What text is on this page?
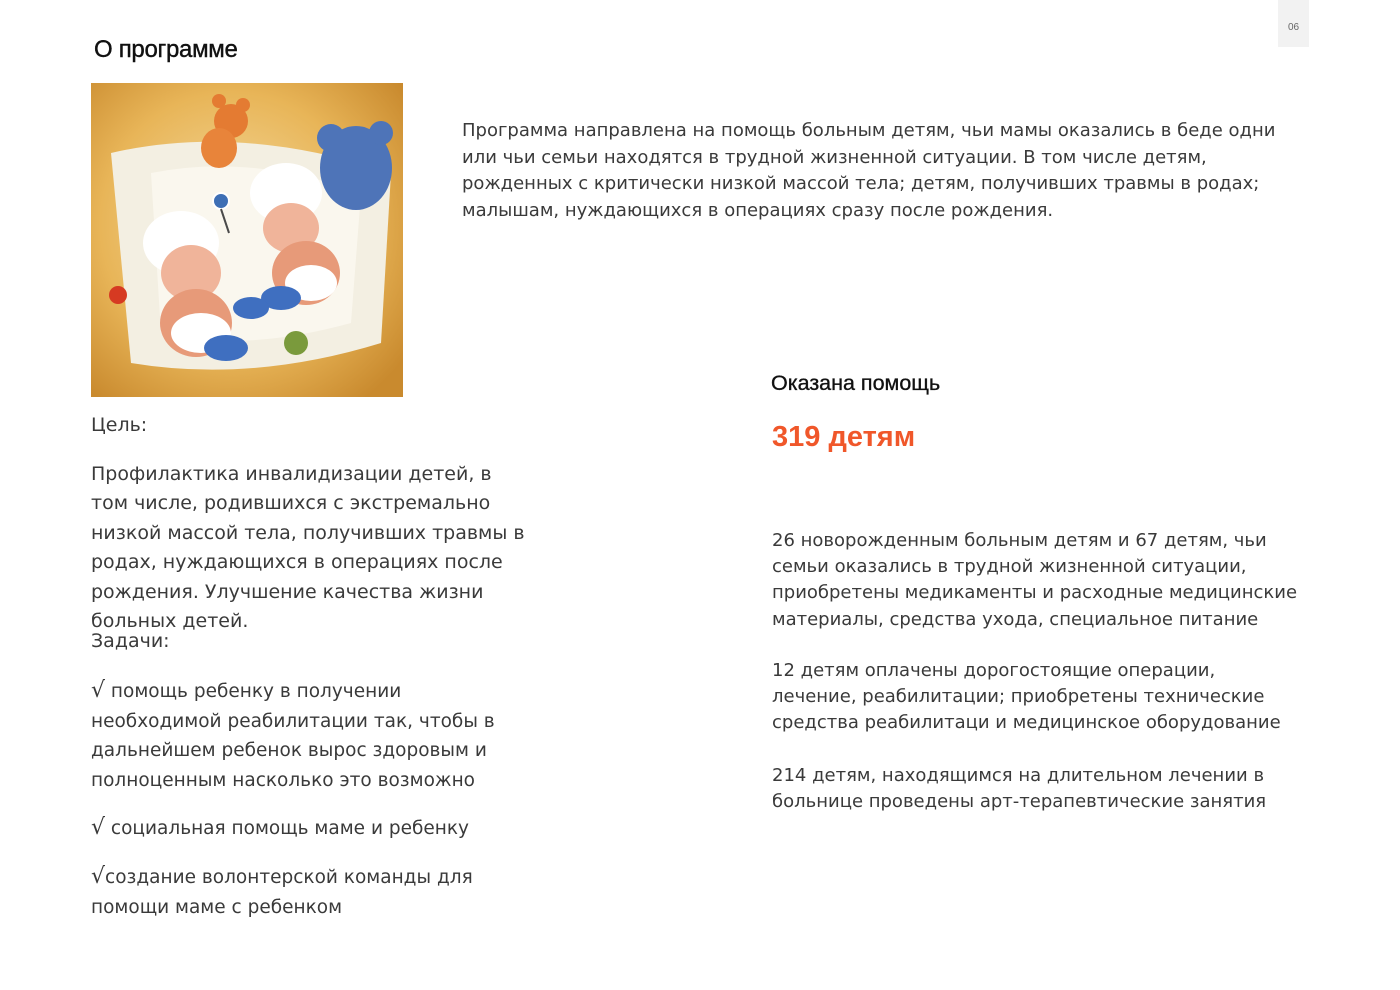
06
О программе

Программа направлена на помощь больным детям, чьи мамы оказались в беде одни или чьи семьи находятся в трудной жизненной ситуации. В том числе детям, рожденных с критически низкой массой тела; детям, получивших травмы в родах; малышам, нуждающихся в операциях сразу после рождения.

Цель:

Профилактика инвалидизации детей, в том числе, родившихся с экстремально низкой массой тела, получивших травмы в родах, нуждающихся в операциях после рождения. Улучшение качества жизни больных детей.

Задачи:

√ помощь ребенку в получении необходимой реабилитации так, чтобы в дальнейшем ребенок вырос здоровым и полноценным насколько это возможно

√ социальная помощь маме и ребенку

√создание волонтерской команды для помощи маме с ребенком

Оказана помощь

319 детям

26 новорожденным больным детям и 67 детям, чьи семьи оказались в трудной жизненной ситуации, приобретены медикаменты и расходные медицинские материалы, средства ухода, специальное питание

12 детям оплачены дорогостоящие операции, лечение, реабилитации; приобретены технические средства реабилитаци и медицинское оборудование

214 детям, находящимся на длительном лечении в больнице проведены арт-терапевтические занятия
